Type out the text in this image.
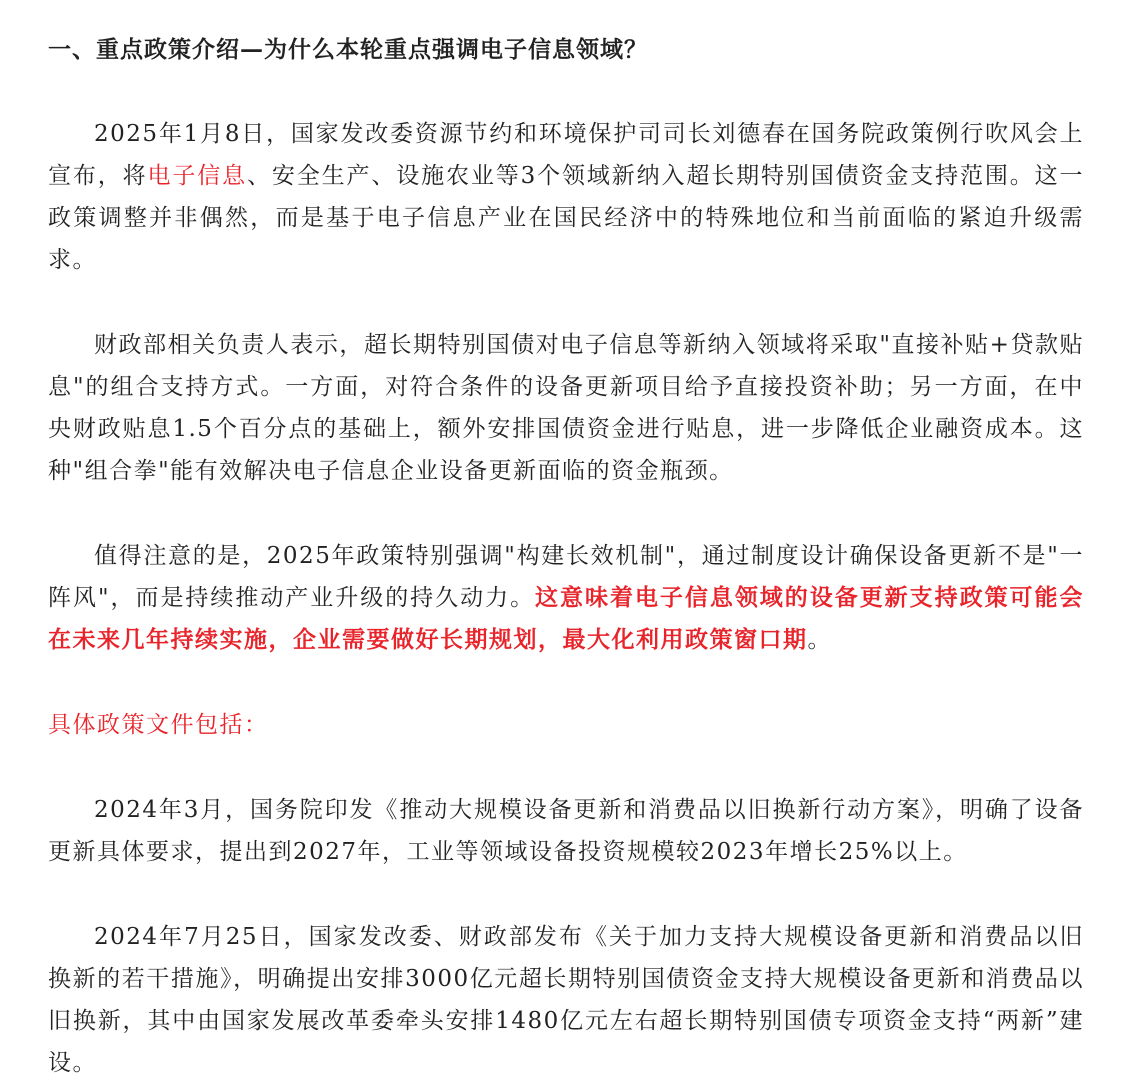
一、重点政策介绍—为什么本轮重点强调电子信息领域？

2025年1月8日，国家发改委资源节约和环境保护司司长刘德春在国务院政策例行吹风会上宣布，将电子信息、安全生产、设施农业等3个领域新纳入超长期特别国债资金支持范围。这一政策调整并非偶然，而是基于电子信息产业在国民经济中的特殊地位和当前面临的紧迫升级需求。

财政部相关负责人表示，超长期特别国债对电子信息等新纳入领域将采取"直接补贴+贷款贴息"的组合支持方式。一方面，对符合条件的设备更新项目给予直接投资补助；另一方面，在中央财政贴息1.5个百分点的基础上，额外安排国债资金进行贴息，进一步降低企业融资成本。这种"组合拳"能有效解决电子信息企业设备更新面临的资金瓶颈。

值得注意的是，2025年政策特别强调"构建长效机制"，通过制度设计确保设备更新不是"一阵风"，而是持续推动产业升级的持久动力。这意味着电子信息领域的设备更新支持政策可能会在未来几年持续实施，企业需要做好长期规划，最大化利用政策窗口期。

具体政策文件包括：

2024年3月，国务院印发《推动大规模设备更新和消费品以旧换新行动方案》，明确了设备更新具体要求，提出到2027年，工业等领域设备投资规模较2023年增长25%以上。

2024年7月25日，国家发改委、财政部发布《关于加力支持大规模设备更新和消费品以旧换新的若干措施》，明确提出安排3000亿元超长期特别国债资金支持大规模设备更新和消费品以旧换新，其中由国家发展改革委牵头安排1480亿元左右超长期特别国债专项资金支持“两新”建设。
